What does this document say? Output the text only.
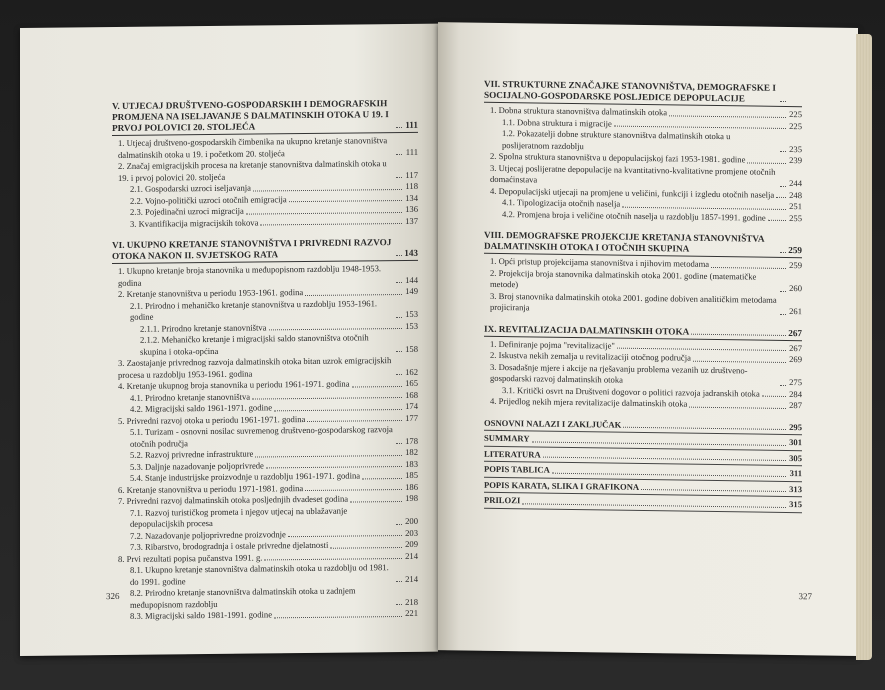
V. UTJECAJ DRUŠTVENO-GOSPODARSKIH I DEMOGRAFSKIH PROMJENA NA ISELJAVANJE S DALMATINSKIH OTOKA U 19. I PRVOJ POLOVICI 20. STOLJEĆA	111
1. Utjecaj društveno-gospodarskih čimbenika na ukupno kretanje stanovništva dalmatinskih otoka u 19. i početkom 20. stoljeća	111
2. Značaj emigracijskih procesa na kretanje stanovništva dalmatinskih otoka u 19. i prvoj polovici 20. stoljeća	117
2.1. Gospodarski uzroci iseljavanja	118
2.2. Vojno-politički uzroci otočnih emigracija	134
2.3. Pojedinačni uzroci migracija	136
3. Kvantifikacija migracijskih tokova	137
VI. UKUPNO KRETANJE STANOVNIŠTVA I PRIVREDNI RAZVOJ OTOKA NAKON II. SVJETSKOG RATA	143
1. Ukupno kretanje broja stanovnika u međupopisnom razdoblju 1948-1953. godina	144
2. Kretanje stanovništva u periodu 1953-1961. godina	149
2.1. Prirodno i mehaničko kretanje stanovništva u razdoblju 1953-1961. godine	153
2.1.1. Prirodno kretanje stanovništva	153
2.1.2. Mehaničko kretanje i migracijski saldo stanovništva otočnih skupina i otoka-općina	158
3. Zaostajanje privrednog razvoja dalmatinskih otoka bitan uzrok emigracijskih procesa u razdoblju 1953-1961. godina	162
4. Kretanje ukupnog broja stanovnika u periodu 1961-1971. godina	165
4.1. Prirodno kretanje stanovništva	168
4.2. Migracijski saldo 1961-1971. godine	174
5. Privredni razvoj otoka u periodu 1961-1971. godina	177
5.1. Turizam - osnovni nosilac suvremenog društveno-gospodarskog razvoja otočnih područja	178
5.2. Razvoj privredne infrastrukture	182
5.3. Daljnje nazadovanje poljoprivrede	183
5.4. Stanje industrijske proizvodnje u razdoblju 1961-1971. godina	185
6. Kretanje stanovništva u periodu 1971-1981. godina	186
7. Privredni razvoj dalmatinskih otoka posljednjih dvadeset godina	198
7.1. Razvoj turističkog prometa i njegov utjecaj na ublažavanje depopulacijskih procesa	200
7.2. Nazadovanje poljoprivredne proizvodnje	203
7.3. Ribarstvo, brodogradnja i ostale privredne djelatnosti	209
8. Prvi rezultati popisa pučanstva 1991. g.	214
8.1. Ukupno kretanje stanovništva dalmatinskih otoka u razdoblju od 1981. do 1991. godine	214
8.2. Prirodno kretanje stanovništva dalmatinskih otoka u zadnjem međupopisnom razdoblju	218
8.3. Migracijski saldo 1981-1991. godine	221
326
VII. STRUKTURNE ZNAČAJKE STANOVNIŠTVA, DEMOGRAFSKE I SOCIJALNO-GOSPODARSKE POSLJEDICE DEPOPULACIJE
1. Dobna struktura stanovništva dalmatinskih otoka	225
1.1. Dobna struktura i migracije	225
1.2. Pokazatelji dobne strukture stanovništva dalmatinskih otoka u poslijeratnom razdoblju	235
2. Spolna struktura stanovništva u depopulacijskoj fazi 1953-1981. godine	239
3. Utjecaj poslijeratne depopulacije na kvantitativno-kvalitativne promjene otočnih domaćinstava	244
4. Depopulacijski utjecaji na promjene u veličini, funkciji i izgledu otočnih naselja 248
4.1. Tipologizacija otočnih naselja	251
4.2. Promjena broja i veličine otočnih naselja u razdoblju 1857-1991. godine	255
VIII. DEMOGRAFSKE PROJEKCIJE KRETANJA STANOVNIŠTVA DALMATINSKIH OTOKA I OTOČNIH SKUPINA	259
1. Opći pristup projekcijama stanovništva i njihovim metodama	259
2. Projekcija broja stanovnika dalmatinskih otoka 2001. godine (matematičke metode)	260
3. Broj stanovnika dalmatinskih otoka 2001. godine dobiven analitičkim metodama projiciranja	261
IX. REVITALIZACIJA DALMATINSKIH OTOKA	267
1. Definiranje pojma "revitalizacije"	267
2. Iskustva nekih zemalja u revitalizaciji otočnog područja	269
3. Dosadašnje mjere i akcije na rješavanju problema vezanih uz društveno-gospodarski razvoj dalmatinskih otoka	275
3.1. Kritički osvrt na Društveni dogovor o politici razvoja jadranskih otoka	284
4. Prijedlog nekih mjera revitalizacije dalmatinskih otoka	287
OSNOVNI NALAZI I ZAKLJUČAK	295
SUMMARY	301
LITERATURA	305
POPIS TABLICA	311
POPIS KARATA, SLIKA I GRAFIKONA	313
PRILOZI	315
327
